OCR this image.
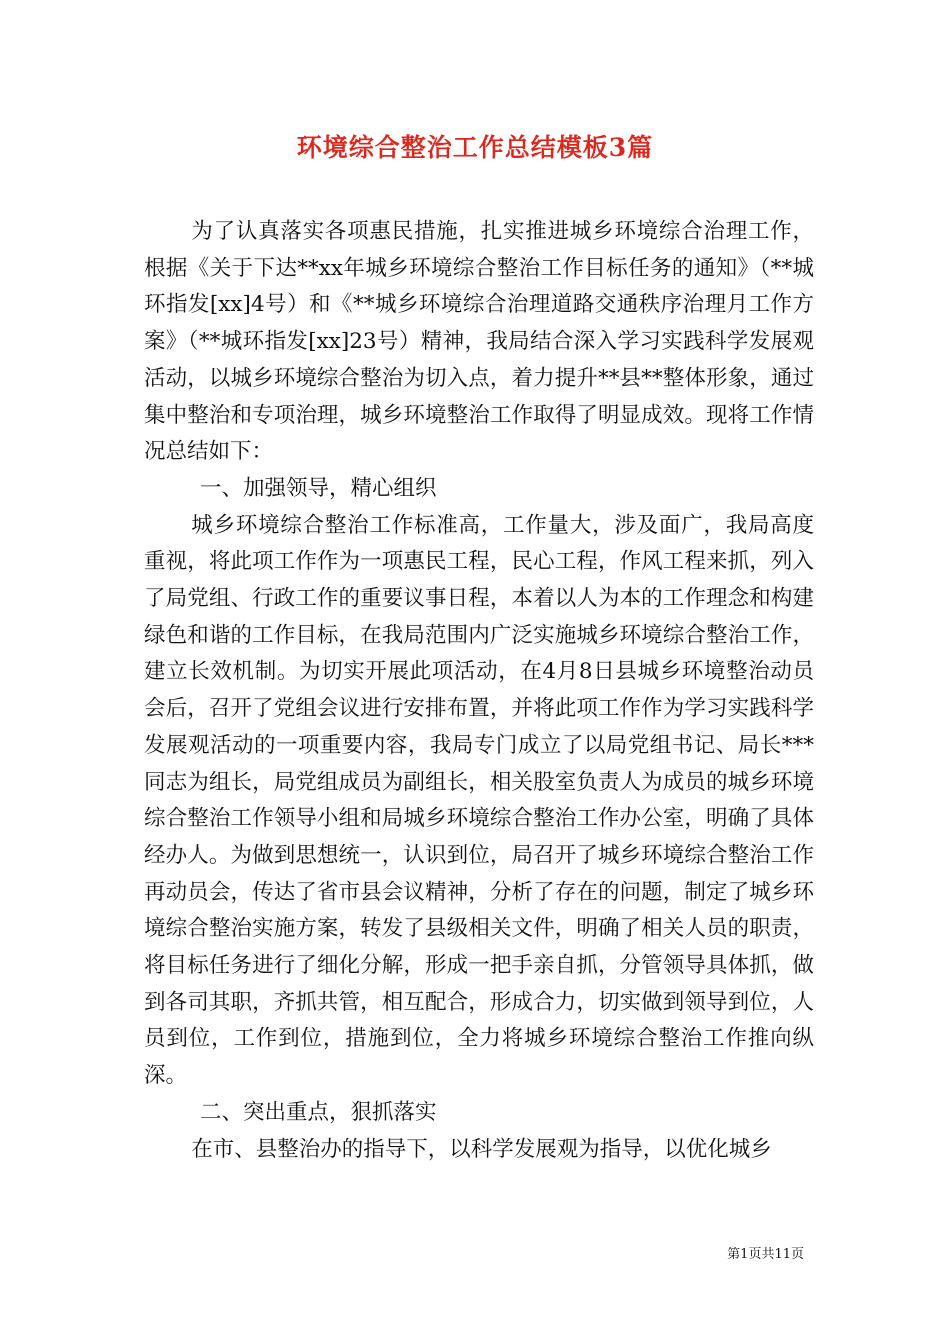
环境综合整治工作总结模板3篇

为了认真落实各项惠民措施，扎实推进城乡环境综合治理工作，根据《关于下达**xx年城乡环境综合整治工作目标任务的通知》（**城环指发[xx]4号）和《**城乡环境综合治理道路交通秩序治理月工作方案》（**城环指发[xx]23号）精神，我局结合深入学习实践科学发展观活动，以城乡环境综合整治为切入点，着力提升**县**整体形象，通过集中整治和专项治理，城乡环境整治工作取得了明显成效。现将工作情况总结如下：

一、加强领导，精心组织

城乡环境综合整治工作标准高，工作量大，涉及面广，我局高度重视，将此项工作作为一项惠民工程，民心工程，作风工程来抓，列入了局党组、行政工作的重要议事日程，本着以人为本的工作理念和构建绿色和谐的工作目标，在我局范围内广泛实施城乡环境综合整治工作，建立长效机制。为切实开展此项活动，在4月8日县城乡环境整治动员会后，召开了党组会议进行安排布置，并将此项工作作为学习实践科学发展观活动的一项重要内容，我局专门成立了以局党组书记、局长***同志为组长，局党组成员为副组长，相关股室负责人为成员的城乡环境综合整治工作领导小组和局城乡环境综合整治工作办公室，明确了具体经办人。为做到思想统一，认识到位，局召开了城乡环境综合整治工作再动员会，传达了省市县会议精神，分析了存在的问题，制定了城乡环境综合整治实施方案，转发了县级相关文件，明确了相关人员的职责，将目标任务进行了细化分解，形成一把手亲自抓，分管领导具体抓，做到各司其职，齐抓共管，相互配合，形成合力，切实做到领导到位，人员到位，工作到位，措施到位，全力将城乡环境综合整治工作推向纵深。

二、突出重点，狠抓落实

在市、县整治办的指导下，以科学发展观为指导，以优化城乡

第1页共11页
